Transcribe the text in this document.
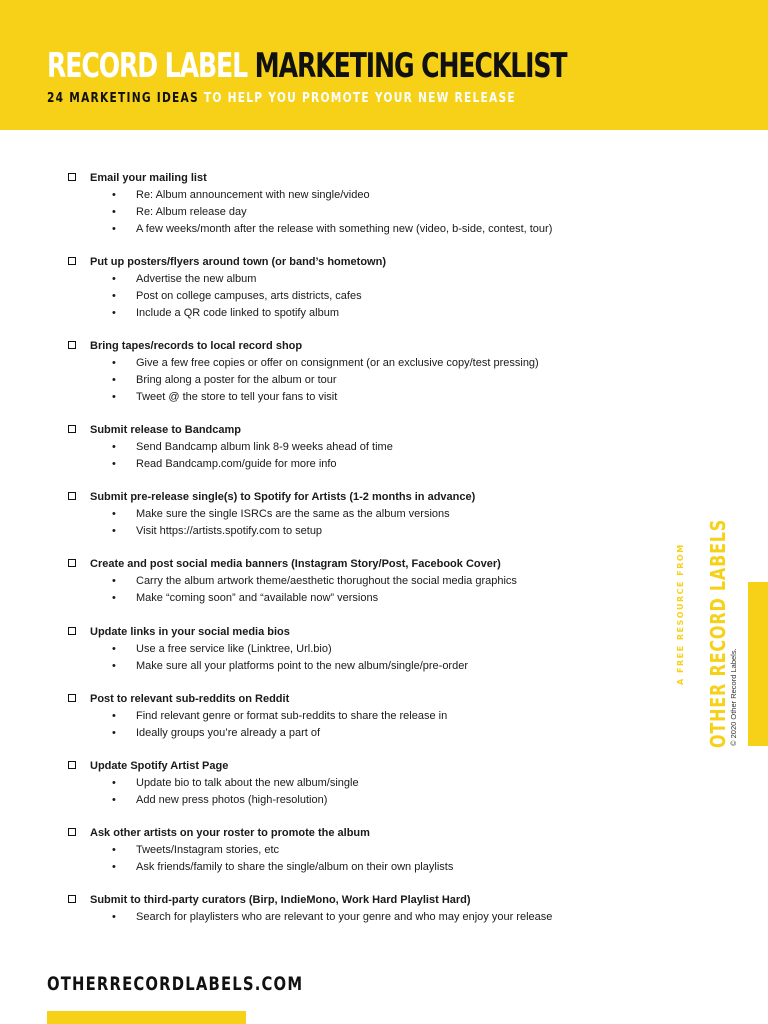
RECORD LABEL MARKETING CHECKLIST

24 MARKETING IDEAS TO HELP YOU PROMOTE YOUR NEW RELEASE

Email your mailing list

• Re: Album announcement with new single/video
• Re: Album release day
• A few weeks/month after the release with something new (video, b-side, contest, tour)

Put up posters/flyers around town (or band’s hometown)

• Advertise the new album
• Post on college campuses, arts districts, cafes
• Include a QR code linked to spotify album

Bring tapes/records to local record shop

• Give a few free copies or offer on consignment (or an exclusive copy/test pressing)
• Bring along a poster for the album or tour
• Tweet @ the store to tell your fans to visit

Submit release to Bandcamp

• Send Bandcamp album link 8-9 weeks ahead of time
• Read Bandcamp.com/guide for more info

Submit pre-release single(s) to Spotify for Artists (1-2 months in advance)

• Make sure the single ISRCs are the same as the album versions
• Visit https://artists.spotify.com to setup

Create and post social media banners (Instagram Story/Post, Facebook Cover)

• Carry the album artwork theme/aesthetic thorughout the social media graphics
• Make “coming soon” and “available now” versions

Update links in your social media bios

• Use a free service like (Linktree, Url.bio)
• Make sure all your platforms point to the new album/single/pre-order

Post to relevant sub-reddits on Reddit

• Find relevant genre or format sub-reddits to share the release in
• Ideally groups you’re already a part of

Update Spotify Artist Page

• Update bio to talk about the new album/single
• Add new press photos (high-resolution)

Ask other artists on your roster to promote the album

• Tweets/Instagram stories, etc
• Ask friends/family to share the single/album on their own playlists

Submit to third-party curators (Birp, IndieMono, Work Hard Playlist Hard)

• Search for playlisters who are relevant to your genre and who may enjoy your release

A FREE RESOURCE FROM OTHER RECORD LABELS © 2020 Other Record Labels.

OTHERRECORDLABELS.COM
